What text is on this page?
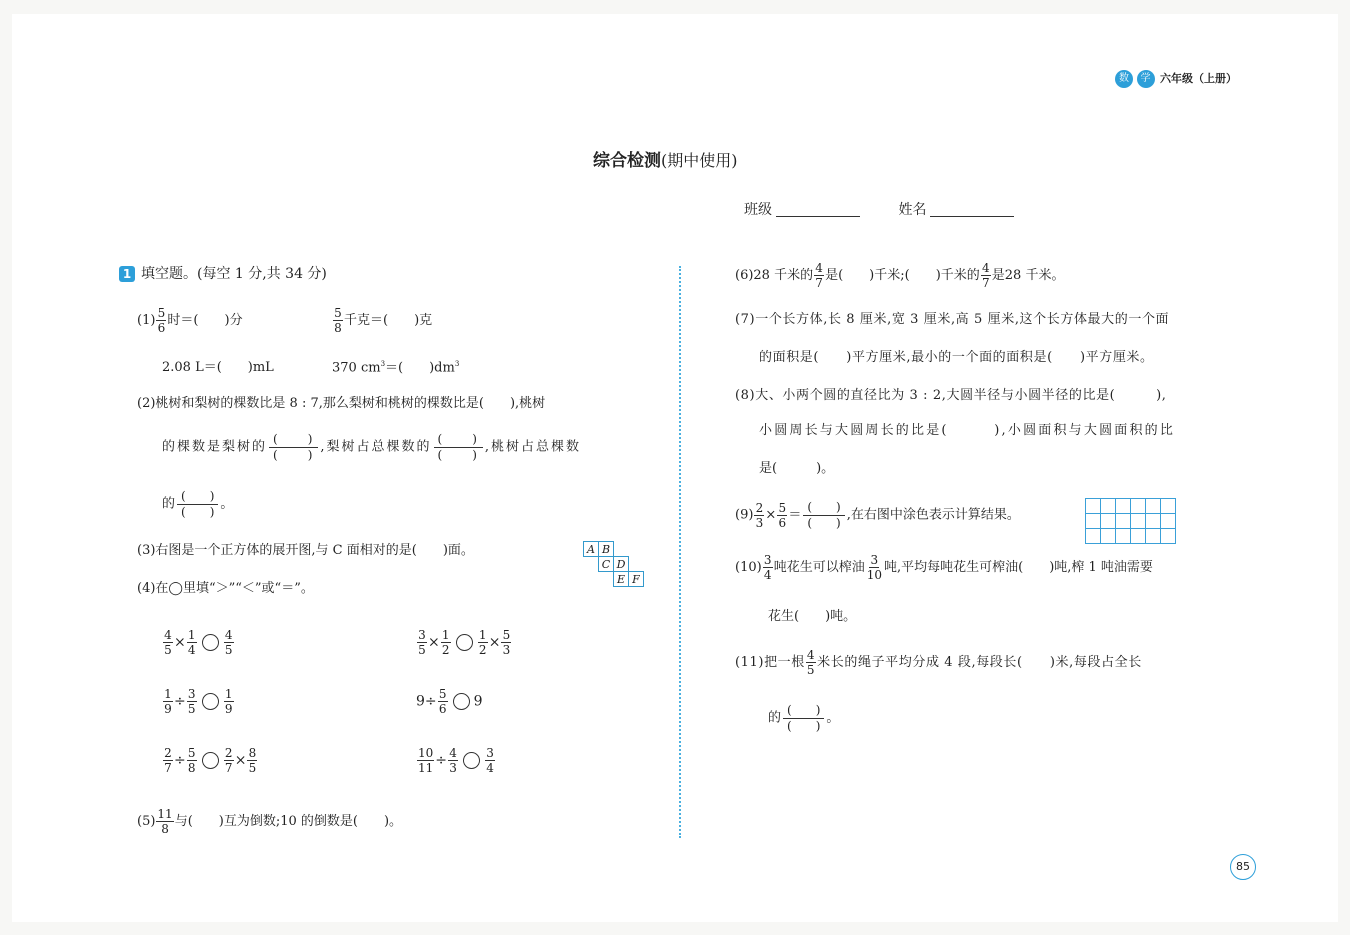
数 学 六年级（上册）
综合检测(期中使用)
班级	姓名
1 填空题。(每空 1 分,共 34 分)
$(1) \frac{5}{6}$ 时＝(　　)分	$\frac{5}{8}$ 千克＝(　　)克
2.08 L＝(　　)mL	370 $cm^3=$(　　)$dm^3$
(2)桃树和梨树的棵数比是 8 : 7,那么梨树和桃树的棵数比是(　　),桃树
的棵数是梨树的
(　　)
(　　) ,梨树占总棵数的
(　　)
(　　) ,桃树占总棵数
的
(　　)
(　　) 。
(3)右图是一个正方体的展开图,与 C 面相对的是(　　)面。	A	B		
	C	D	
		E	F
(4)在◯里填“＞”“＜”或“＝”。
$\frac{4}{5} \times \frac{1}{4} \frac{4}{5}$	$\frac{3}{5} \times \frac{1}{2} \frac{1}{2} \times \frac{5}{3}$
$\frac{1}{9} \div \frac{3}{5} \frac{1}{9}$	$9\div \frac{5}{6} 9$
$\frac{2}{7} \div \frac{5}{8} \frac{2}{7} \times \frac{8}{5}$	$\frac{10}{11} \div \frac{4}{3} \frac{3}{4}$
$(5) \frac{11}{8}$ 与(　　)互为倒数;10 的倒数是(　　)。
(6)28 千米的 $\frac{4}{7}$ 是(　　)千米;(　　)千米的 $\frac{4}{7}$ 是28 千米。
(7)一个长方体,长 8 厘米,宽 3 厘米,高 5 厘米,这个长方体最大的一个面
的面积是(　　)平方厘米,最小的一个面的面积是(　　)平方厘米。
(8)大、小两个圆的直径比为 3 : 2,大圆半径与小圆半径的比是(　　　),
小圆周长与大圆周长的比是(　　　),小圆面积与大圆面积的比
是(　　　)。
$(9) \frac{2}{3} \times \frac{5}{6}$ ＝
(　　)
(　　) ,在右图中涂色表示计算结果。

$(10) \frac{3}{4}$ 吨花生可以榨油 $\frac{3}{10}$ 吨,平均每吨花生可榨油(　　)吨,榨 1 吨油需要
花生(　　)吨。
(11)把一根 $\frac{4}{5}$ 米长的绳子平均分成 4 段,每段长(　　)米,每段占全长
的
(　　)
(　　) 。
85
